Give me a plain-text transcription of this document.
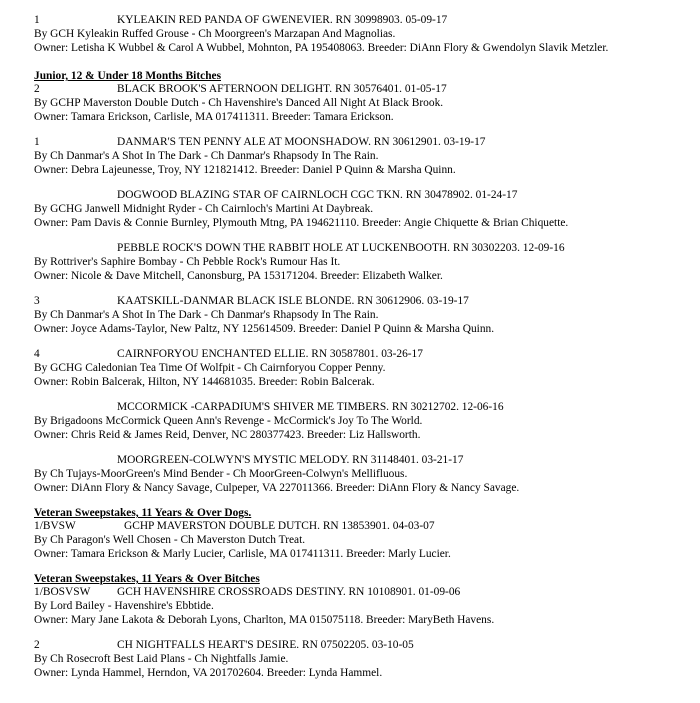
1	KYLEAKIN RED PANDA OF GWENEVIER. RN 30998903. 05-09-17
By GCH Kyleakin Ruffed Grouse - Ch Moorgreen's Marzapan And Magnolias.
Owner: Letisha K Wubbel & Carol A Wubbel, Mohnton, PA 195408063. Breeder: DiAnn Flory & Gwendolyn Slavik Metzler.
Junior, 12 & Under 18 Months Bitches
2	BLACK BROOK'S AFTERNOON DELIGHT. RN 30576401. 01-05-17
By GCHP Maverston Double Dutch - Ch Havenshire's Danced All Night At Black Brook.
Owner: Tamara Erickson, Carlisle, MA 017411311. Breeder: Tamara Erickson.
1	DANMAR'S TEN PENNY ALE AT MOONSHADOW. RN 30612901. 03-19-17
By Ch Danmar's A Shot In The Dark - Ch Danmar's Rhapsody In The Rain.
Owner: Debra Lajeunesse, Troy, NY 121821412. Breeder: Daniel P Quinn & Marsha Quinn.
DOGWOOD BLAZING STAR OF CAIRNLOCH CGC TKN. RN 30478902. 01-24-17
By GCHG Janwell Midnight Ryder - Ch Cairnloch's Martini At Daybreak.
Owner: Pam Davis & Connie Burnley, Plymouth Mtng, PA 194621110. Breeder: Angie Chiquette & Brian Chiquette.
PEBBLE ROCK'S DOWN THE RABBIT HOLE AT LUCKENBOOTH. RN 30302203. 12-09-16
By Rottriver's Saphire Bombay - Ch Pebble Rock's Rumour Has It.
Owner: Nicole & Dave Mitchell, Canonsburg, PA 153171204. Breeder: Elizabeth Walker.
3	KAATSKILL-DANMAR BLACK ISLE BLONDE. RN 30612906. 03-19-17
By Ch Danmar's A Shot In The Dark - Ch Danmar's Rhapsody In The Rain.
Owner: Joyce Adams-Taylor, New Paltz, NY 125614509. Breeder: Daniel P Quinn & Marsha Quinn.
4	CAIRNFORYOU ENCHANTED ELLIE. RN 30587801. 03-26-17
By GCHG Caledonian Tea Time Of Wolfpit - Ch Cairnforyou Copper Penny.
Owner: Robin Balcerak, Hilton, NY 144681035. Breeder: Robin Balcerak.
MCCORMICK -CARPADIUM'S SHIVER ME TIMBERS. RN 30212702. 12-06-16
By Brigadoons McCormick Queen Ann's Revenge - McCormick's Joy To The World.
Owner: Chris Reid & James Reid, Denver, NC 280377423. Breeder: Liz Hallsworth.
MOORGREEN-COLWYN'S MYSTIC MELODY. RN 31148401. 03-21-17
By Ch Tujays-MoorGreen's Mind Bender - Ch MoorGreen-Colwyn's Mellifluous.
Owner: DiAnn Flory & Nancy Savage, Culpeper, VA 227011366. Breeder: DiAnn Flory & Nancy Savage.
Veteran Sweepstakes, 11 Years & Over Dogs.
1/BVSW	GCHP MAVERSTON DOUBLE DUTCH. RN 13853901. 04-03-07
By Ch Paragon's Well Chosen - Ch Maverston Dutch Treat.
Owner: Tamara Erickson & Marly Lucier, Carlisle, MA 017411311. Breeder: Marly Lucier.
Veteran Sweepstakes, 11 Years & Over Bitches
1/BOSVSW GCH HAVENSHIRE CROSSROADS DESTINY. RN 10108901. 01-09-06
By Lord Bailey - Havenshire's Ebbtide.
Owner: Mary Jane Lakota & Deborah Lyons, Charlton, MA 015075118. Breeder: MaryBeth Havens.
2	CH NIGHTFALLS HEART'S DESIRE. RN 07502205. 03-10-05
By Ch Rosecroft Best Laid Plans - Ch Nightfalls Jamie.
Owner: Lynda Hammel, Herndon, VA 201702604. Breeder: Lynda Hammel.
